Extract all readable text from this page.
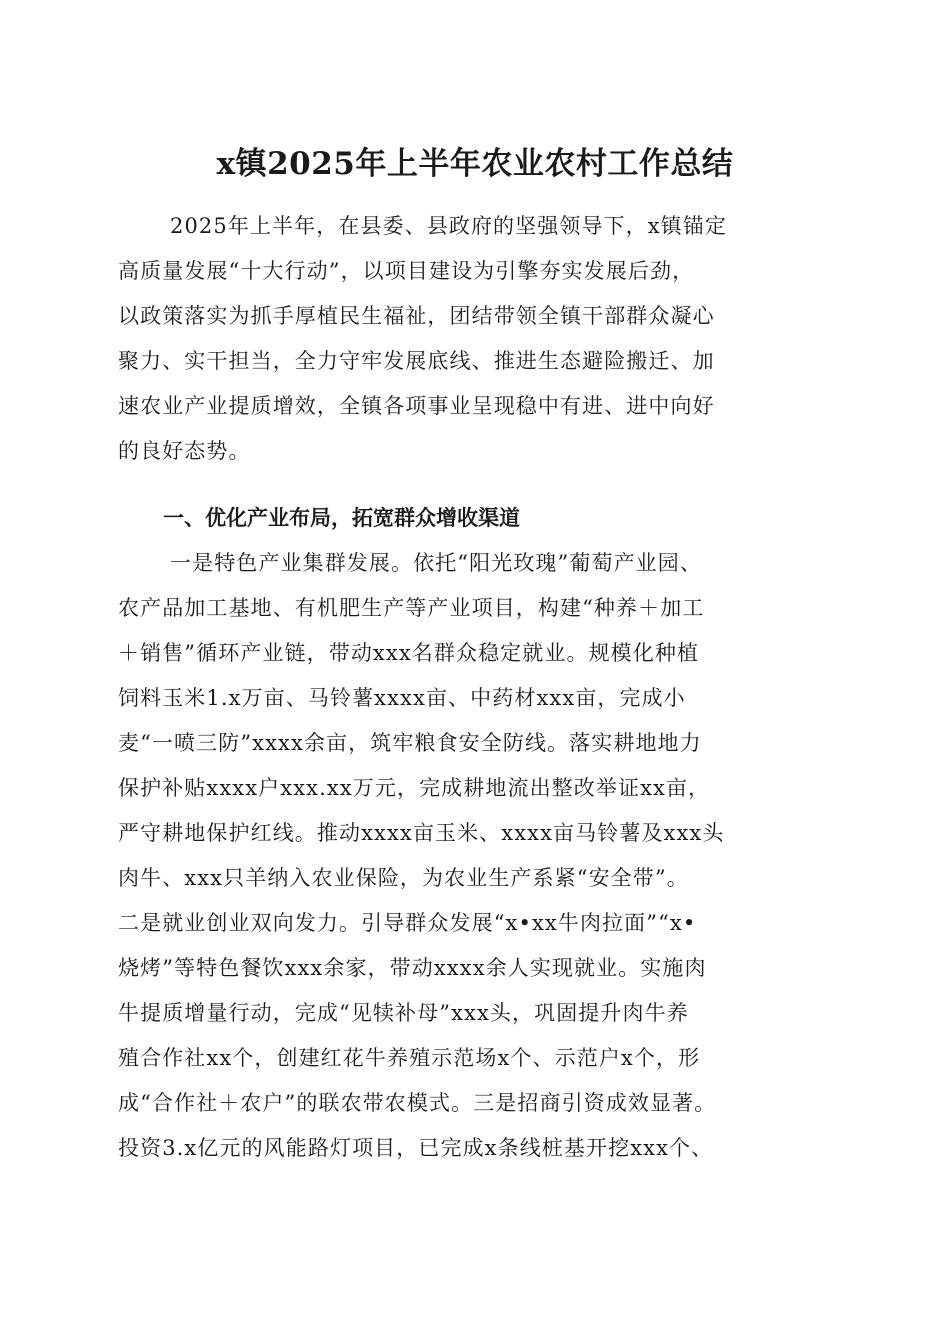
x镇2025年上半年农业农村工作总结

2025年上半年，在县委、县政府的坚强领导下，x镇锚定

高质量发展“十大行动”，以项目建设为引擎夯实发展后劲，

以政策落实为抓手厚植民生福祉，团结带领全镇干部群众凝心

聚力、实干担当，全力守牢发展底线、推进生态避险搬迁、加

速农业产业提质增效，全镇各项事业呈现稳中有进、进中向好

的良好态势。

一、优化产业布局，拓宽群众增收渠道

一是特色产业集群发展。依托“阳光玫瑰”葡萄产业园、

农产品加工基地、有机肥生产等产业项目，构建“种养＋加工

＋销售”循环产业链，带动xxx名群众稳定就业。规模化种植

饲料玉米1.x万亩、马铃薯xxxx亩、中药材xxx亩，完成小

麦“一喷三防”xxxx余亩，筑牢粮食安全防线。落实耕地地力

保护补贴xxxx户xxx.xx万元，完成耕地流出整改举证xx亩，

严守耕地保护红线。推动xxxx亩玉米、xxxx亩马铃薯及xxx头

肉牛、xxx只羊纳入农业保险，为农业生产系紧“安全带”。

二是就业创业双向发力。引导群众发展“x•xx牛肉拉面”“x•

烧烤”等特色餐饮xxx余家，带动xxxx余人实现就业。实施肉

牛提质增量行动，完成“见犊补母”xxx头，巩固提升肉牛养

殖合作社xx个，创建红花牛养殖示范场x个、示范户x个，形

成“合作社＋农户”的联农带农模式。三是招商引资成效显著。

投资3.x亿元的风能路灯项目，已完成x条线桩基开挖xxx个、
